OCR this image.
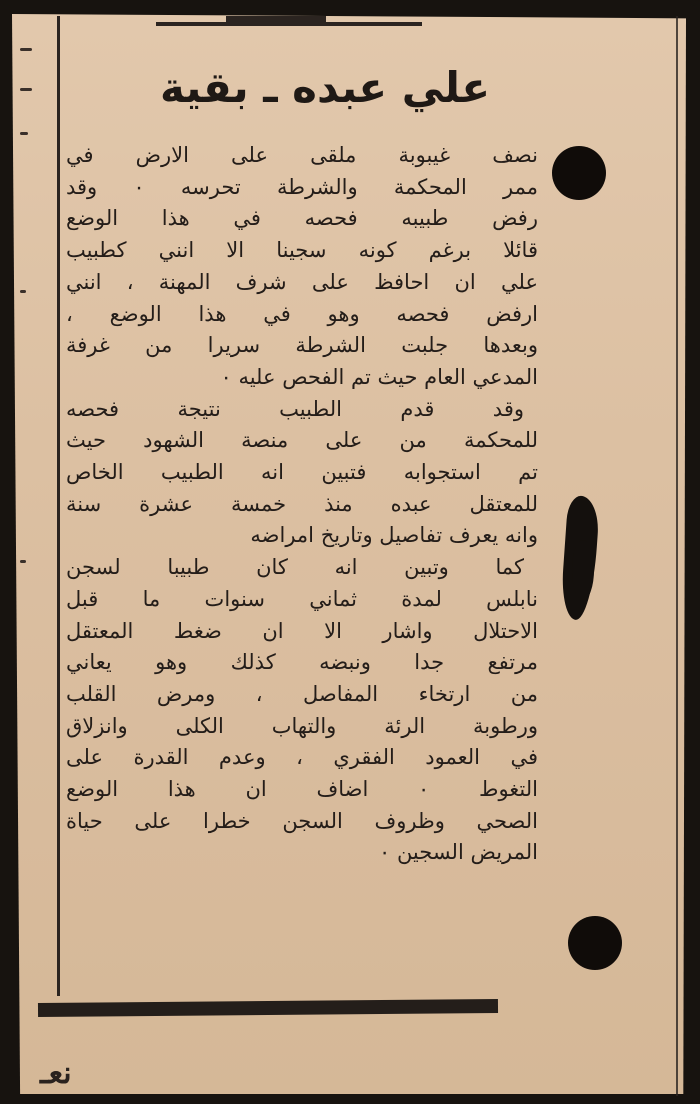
علي عبده ـ بقية
نصف غيبوبة ملقى على الارض في
ممر المحكمة والشرطة تحرسه ٠ وقد
رفض طبيبه فحصه في هذا الوضع
قائلا برغم كونه سجينا الا انني كطبيب
علي ان احافظ على شرف المهنة ، انني
ارفض فحصه وهو في هذا الوضع ،
وبعدها جلبت الشرطة سريرا من غرفة
المدعي العام حيث تم الفحص عليه ٠
وقد قدم الطبيب نتيجة فحصه
للمحكمة من على منصة الشهود حيث
تم استجوابه فتبين انه الطبيب الخاص
للمعتقل عبده منذ خمسة عشرة سنة
وانه يعرف تفاصيل وتاريخ امراضه
كما وتبين انه كان طبيبا لسجن
نابلس لمدة ثماني سنوات ما قبل
الاحتلال واشار الا ان ضغط المعتقل
مرتفع جدا ونبضه كذلك وهو يعاني
من ارتخاء المفاصل ، ومرض القلب
ورطوبة الرئة والتهاب الكلى وانزلاق
في العمود الفقري ، وعدم القدرة على
التغوط ٠ اضاف ان هذا الوضع
الصحي وظروف السجن خطرا على حياة
المريض السجين ٠
نعـ
